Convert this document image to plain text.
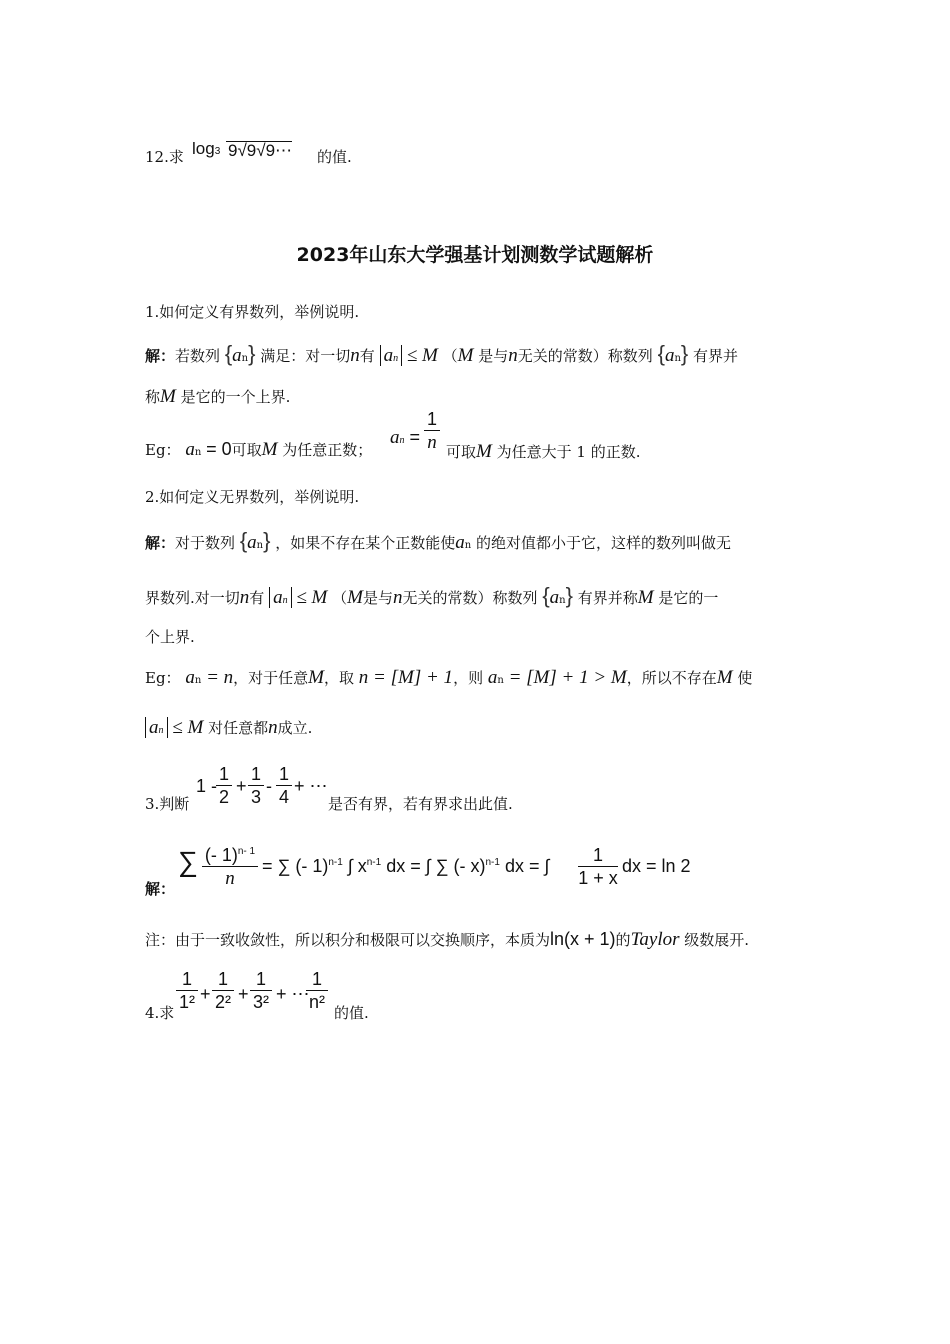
12.求 log3 9√9√9⋯ 的值.
2023年山东大学强基计划测数学试题解析
1.如何定义有界数列，举例说明.
解：若数列 {an} 满足：对一切n有 an ≤ M （M 是与n无关的常数）称数列 {an} 有界并
称M 是它的一个上界.
Eg： an = 0可取M 为任意正数；
an =
1
n 可取M 为任意大于 1 的正数.
2.如何定义无界数列，举例说明.
解：对于数列 {an} ，如果不存在某个正数能使an 的绝对值都小于它，这样的数列叫做无
界数列.对一切n有 an ≤ M （M是与n无关的常数）称数列 {an} 有界并称M 是它的一
个上界.
Eg： an = n，对于任意M，取 n = [M] + 1，则 an = [M] + 1 > M，所以不存在M 使
an ≤ M 对任意都n成立.
3.判断
1 -
1
2
+
1
3
-
1
4
+ ⋯
是否有界，若有界求出此值.
解：
∑ (- 1)$^{n- 1}$
n
= ∑ (- 1)$^{n-1}$ ∫ $x^{n-1}$ dx = ∫ ∑ (- x)$^{n-1}$ dx = ∫
1
1 + x
dx = ln 2
注：由于一致收敛性，所以积分和极限可以交换顺序，本质为ln(x + 1)的Taylor 级数展开.
4.求
1
1² +
1
2² +
1
3² + ⋯
1
n²
的值.
